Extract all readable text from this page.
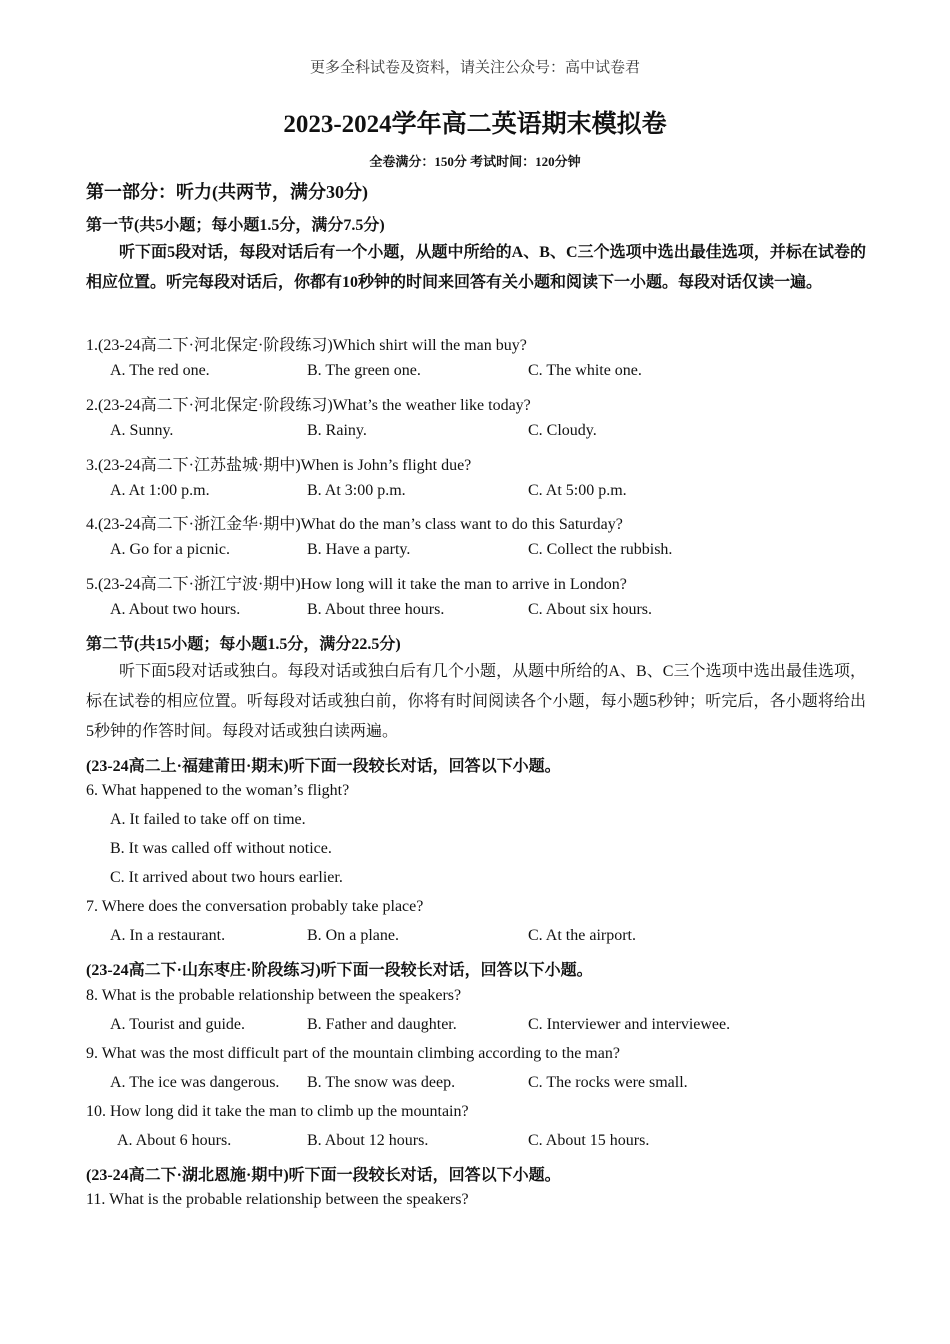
更多全科试卷及资料，请关注公众号：高中试卷君
2023-2024学年高二英语期末模拟卷
全卷满分：150分 考试时间：120分钟
第一部分：听力(共两节，满分30分)
第一节(共5小题；每小题1.5分，满分7.5分)
听下面5段对话，每段对话后有一个小题，从题中所给的A、B、C三个选项中选出最佳选项，并标在试卷的相应位置。听完每段对话后，你都有10秒钟的时间来回答有关小题和阅读下一小题。每段对话仅读一遍。
1.(23-24高二下·河北保定·阶段练习)Which shirt will the man buy?
A. The red one.	B. The green one.	C. The white one.
2.(23-24高二下·河北保定·阶段练习)What’s the weather like today?
A. Sunny.	B. Rainy.	C. Cloudy.
3.(23-24高二下·江苏盐城·期中)When is John’s flight due?
A. At 1:00 p.m.	B. At 3:00 p.m.	C. At 5:00 p.m.
4.(23-24高二下·浙江金华·期中)What do the man’s class want to do this Saturday?
A. Go for a picnic.	B. Have a party.	C. Collect the rubbish.
5.(23-24高二下·浙江宁波·期中)How long will it take the man to arrive in London?
A. About two hours.	B. About three hours.	C. About six hours.
第二节(共15小题；每小题1.5分，满分22.5分)
听下面5段对话或独白。每段对话或独白后有几个小题，从题中所给的A、B、C三个选项中选出最佳选项，标在试卷的相应位置。听每段对话或独白前，你将有时间阅读各个小题，每小题5秒钟；听完后，各小题将给出5秒钟的作答时间。每段对话或独白读两遍。
(23-24高二上·福建莆田·期末)听下面一段较长对话，回答以下小题。
6. What happened to the woman’s flight?
A. It failed to take off on time.
B. It was called off without notice.
C. It arrived about two hours earlier.
7. Where does the conversation probably take place?
A. In a restaurant.	B. On a plane.	C. At the airport.
(23-24高二下·山东枣庄·阶段练习)听下面一段较长对话，回答以下小题。
8. What is the probable relationship between the speakers?
A. Tourist and guide.	B. Father and daughter.	C. Interviewer and interviewee.
9. What was the most difficult part of the mountain climbing according to the man?
A. The ice was dangerous. B. The snow was deep.	C. The rocks were small.
10. How long did it take the man to climb up the mountain?
A. About 6 hours.	B. About 12 hours.	C. About 15 hours.
(23-24高二下·湖北恩施·期中)听下面一段较长对话，回答以下小题。
11. What is the probable relationship between the speakers?
